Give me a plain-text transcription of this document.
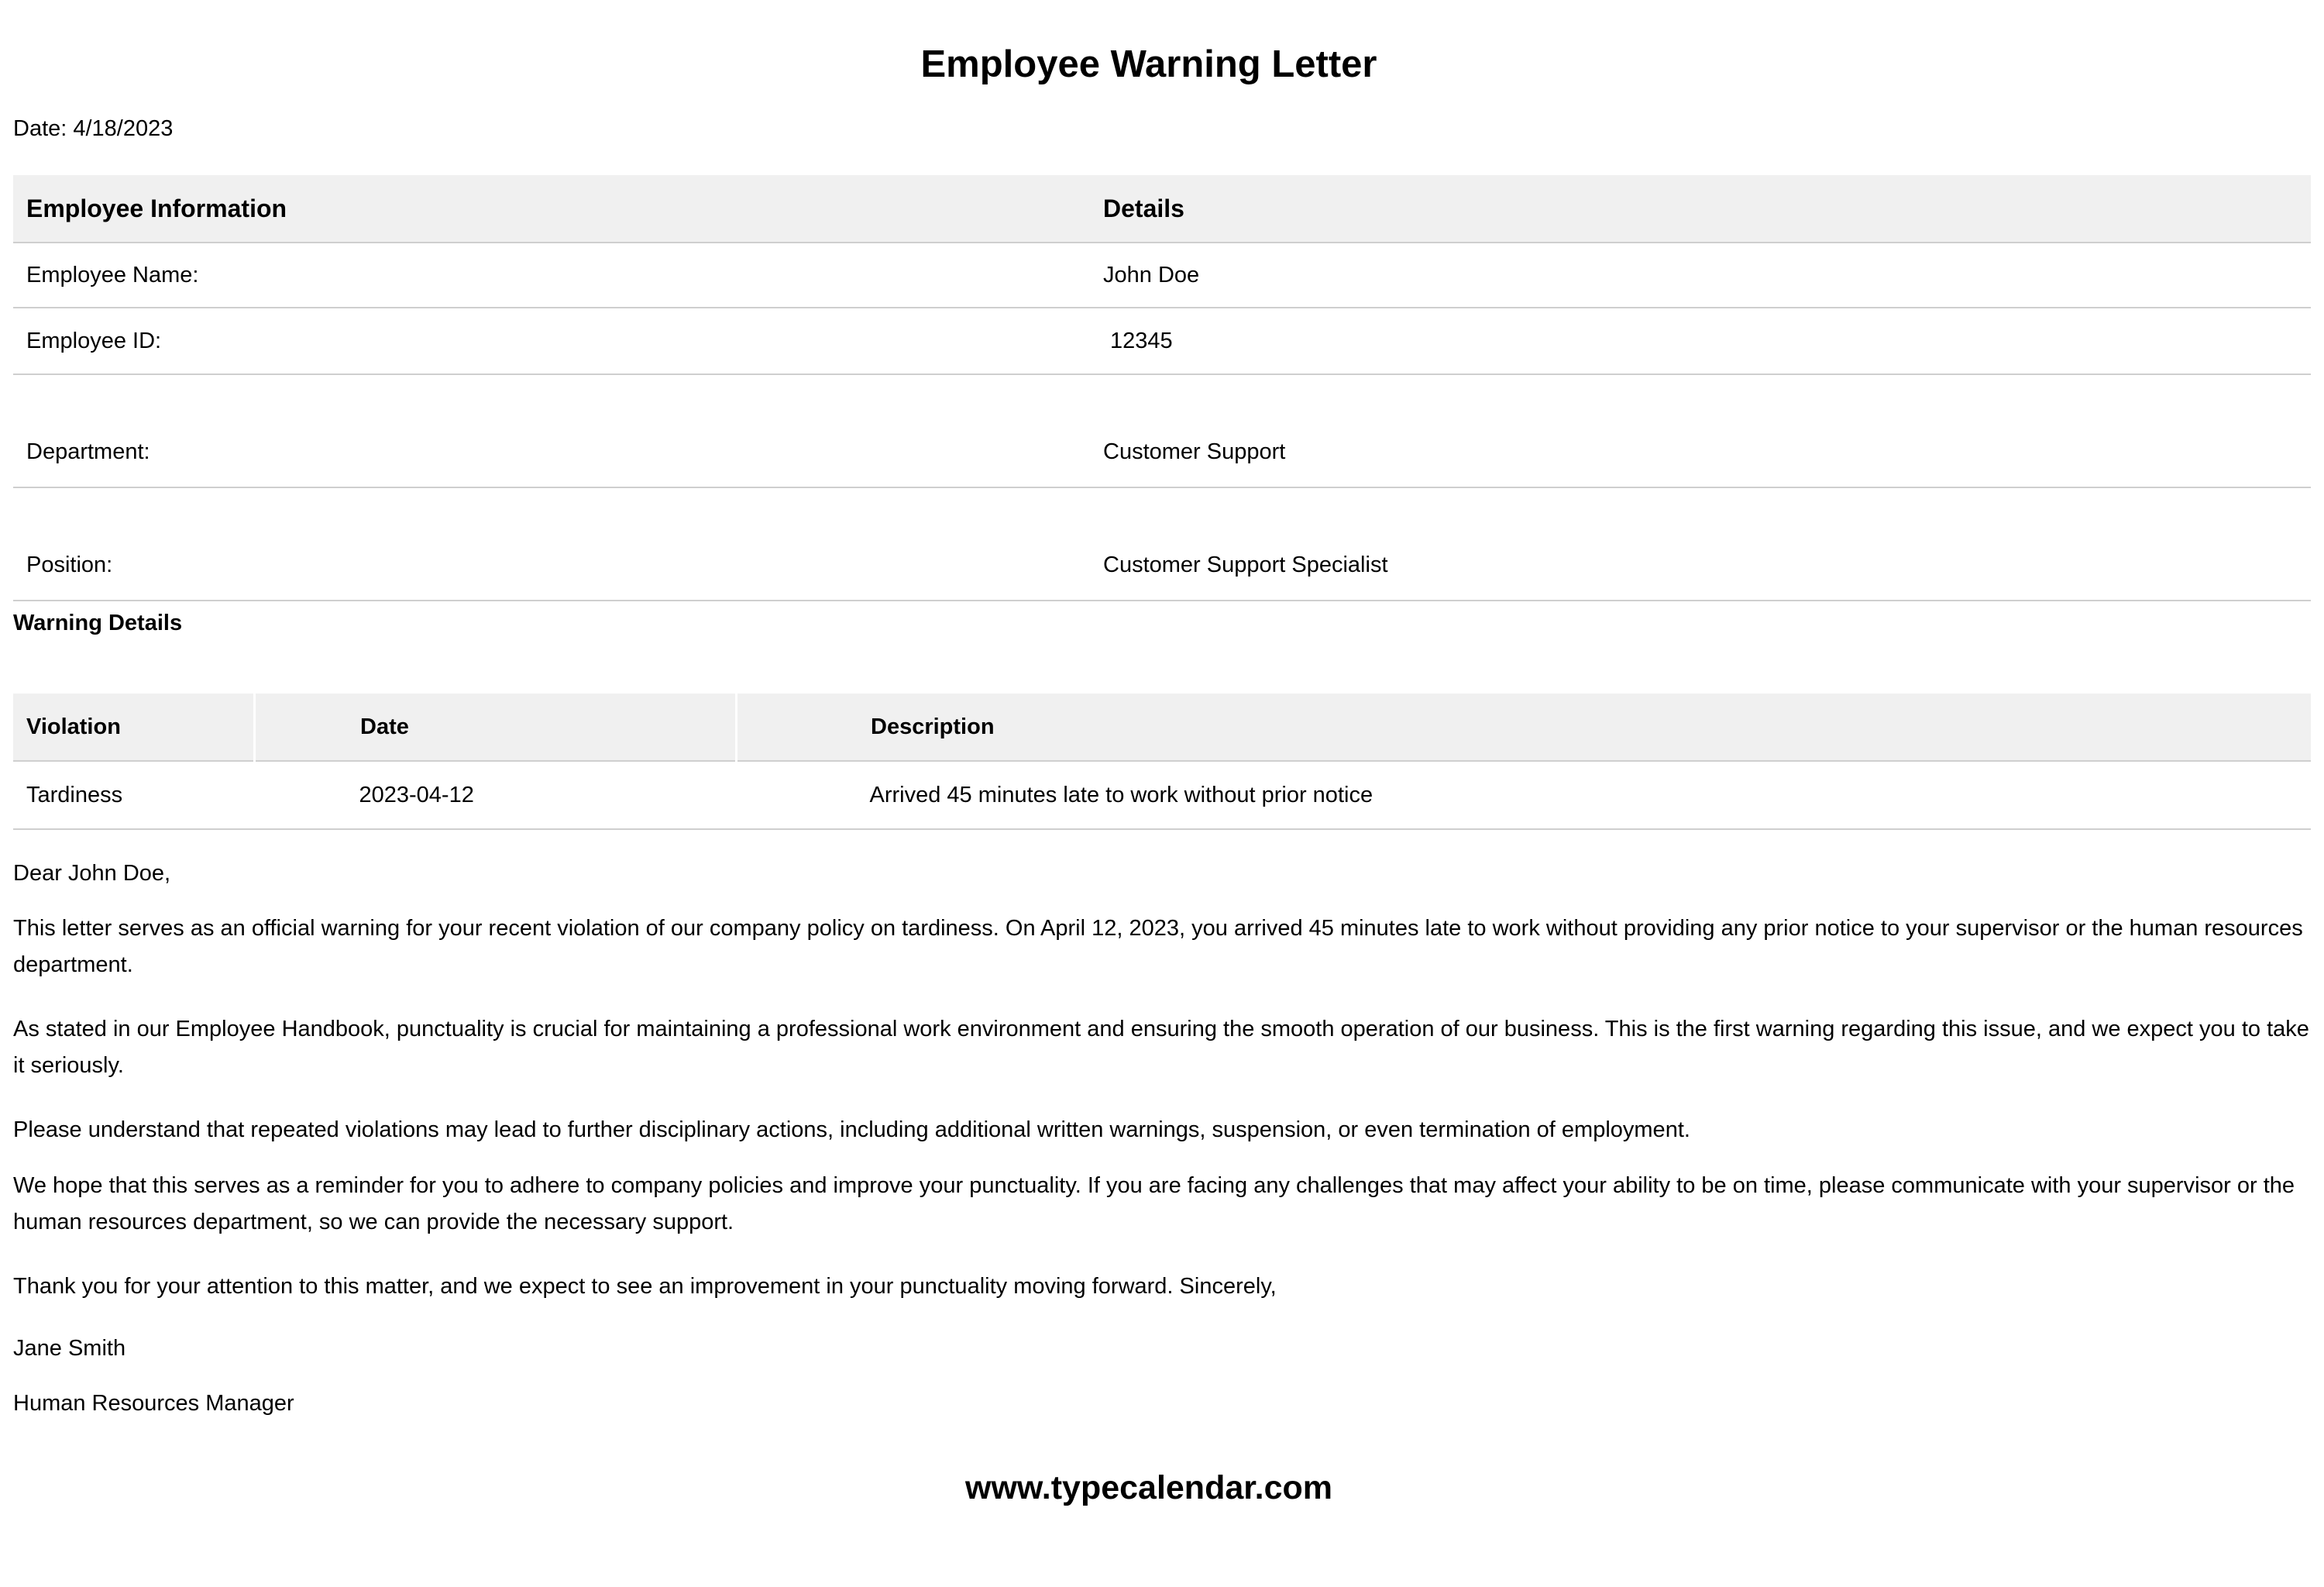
Employee Warning Letter
Date: 4/18/2023
Employee Information	Details
Employee Name:	John Doe
Employee ID:	12345
Department:	Customer Support
Position:	Customer Support Specialist
Warning Details
Violation	Date	Description
Tardiness	2023-04-12	Arrived 45 minutes late to work without prior notice

Dear John Doe,

This letter serves as an official warning for your recent violation of our company policy on tardiness. On April 12, 2023, you arrived 45 minutes late to work without providing any prior notice to your supervisor or the human resources department.

As stated in our Employee Handbook, punctuality is crucial for maintaining a professional work environment and ensuring the smooth operation of our business. This is the first warning regarding this issue, and we expect you to take it seriously.

Please understand that repeated violations may lead to further disciplinary actions, including additional written warnings, suspension, or even termination of employment.

We hope that this serves as a reminder for you to adhere to company policies and improve your punctuality. If you are facing any challenges that may affect your ability to be on time, please communicate with your supervisor or the human resources department, so we can provide the necessary support.

Thank you for your attention to this matter, and we expect to see an improvement in your punctuality moving forward. Sincerely,

Jane Smith

Human Resources Manager

www.typecalendar.com
